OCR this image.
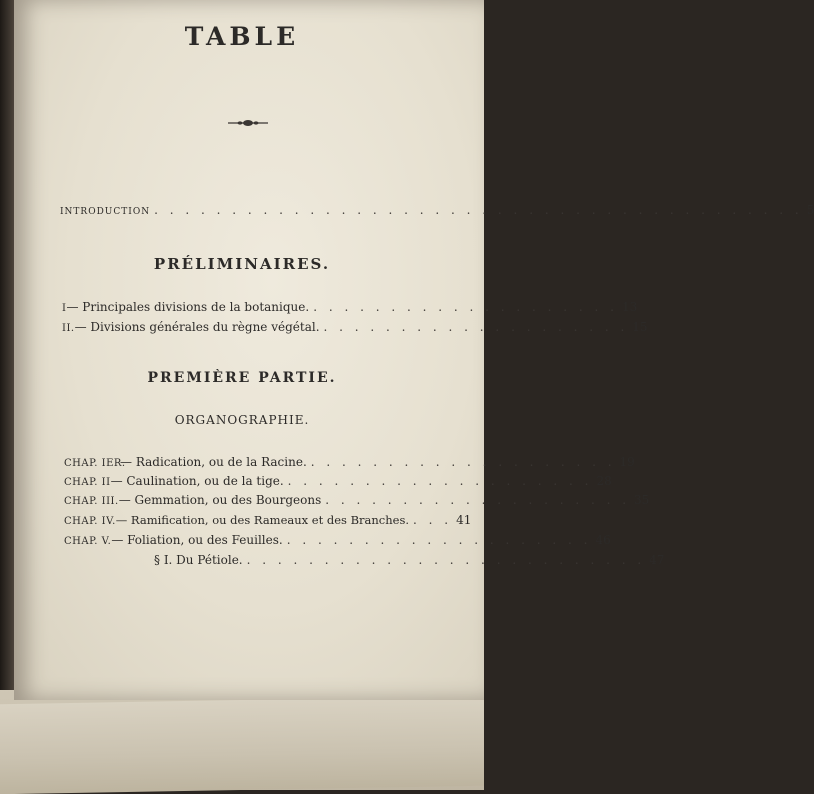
TABLE
INTRODUCTION . . . . . . . . . . . . . . . . . . . . . . . . . . . . . . . . . . . . . . . . . . 5
PRÉLIMINAIRES.
I — Principales divisions de la botanique. . . . . . . . . . . . . . . . . . . . . 13
II. — Divisions générales du règne végétal. . . . . . . . . . . . . . . . . . . . . 15
PREMIÈRE PARTIE.
ORGANOGRAPHIE.
CHAP. IER.
— Radication, ou de la Racine. . . . . . . . . . . . . . . . . . . . . 19
CHAP. II — Caulination, ou de la tige. . . . . . . . . . . . . . . . . . . . . 28
CHAP. III. — Gemmation, ou des Bourgeons . . . . . . . . . . . . . . . . . . . . 35
CHAP. IV. — Ramification, ou des Rameaux et des Branches. . . . 41
CHAP. V. — Foliation, ou des Feuilles. . . . . . . . . . . . . . . . . . . . . 46
§ I. Du Pétiole. . . . . . . . . . . . . . . . . . . . . . . . . . . 47
